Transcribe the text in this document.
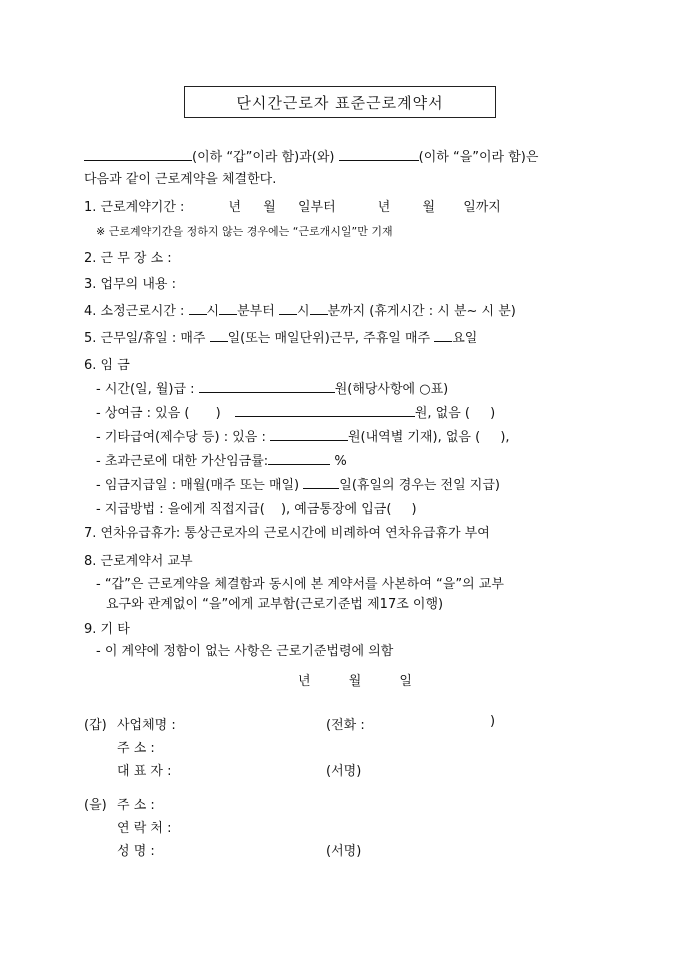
단시간근로자 표준근로계약서
(이하 “갑”이라 함)과(와)	(이하 “을”이라 함)은
다음과 같이 근로계약을 체결한다.
1. 근로계약기간 :	년 월 일부터	년 월 일까지
※ 근로계약기간을 정하지 않는 경우에는 “근로개시일”만 기재
2. 근 무 장 소 :
3. 업무의 내용 :
4. 소정근로시간 : 시 분부터 시 분까지 (휴게시간 : 시 분~ 시 분)
5. 근무일/휴일 : 매주 일(또는 매일단위)근무, 주휴일 매주 요일
6. 임 금
- 시간(일, 월)급 :	원(해당사항에 ○표)
- 상여금 : 있음 ( )	원, 없음 ( )
- 기타급여(제수당 등) : 있음 :	원(내역별 기재), 없음 ( ),
- 초과근로에 대한 가산임금률:	%
- 임금지급일 : 매월(매주 또는 매일)	일(휴일의 경우는 전일 지급)
- 지급방법 : 을에게 직접지급( ), 예금통장에 입금( )
7. 연차유급휴가: 통상근로자의 근로시간에 비례하여 연차유급휴가 부여
8. 근로계약서 교부
- “갑”은 근로계약을 체결함과 동시에 본 계약서를 사본하여 “을”의 교부
요구와 관계없이 “을”에게 교부함(근로기준법 제17조 이행)
9. 기 타
- 이 계약에 정함이 없는 사항은 근로기준법령에 의함
년	월	일
(갑) 사업체명 :	(전화 :	)
주 소 :
대 표 자 :	(서명)
(을) 주 소 :
연 락 처 :
성 명 :	(서명)
